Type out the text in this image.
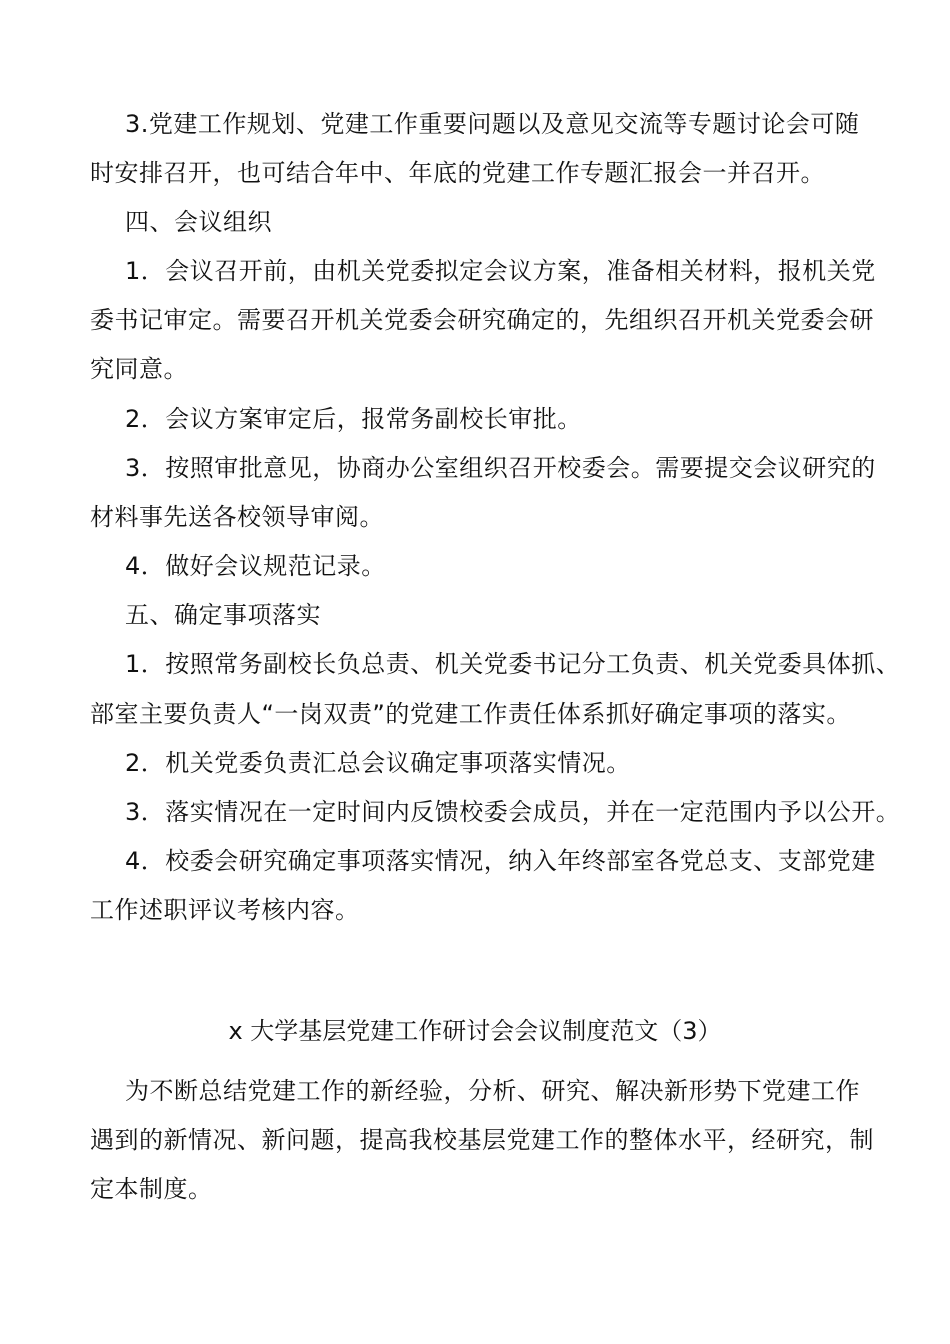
3.党建工作规划、党建工作重要问题以及意见交流等专题讨论会可随
时安排召开，也可结合年中、年底的党建工作专题汇报会一并召开。
四、会议组织
1．会议召开前，由机关党委拟定会议方案，准备相关材料，报机关党
委书记审定。需要召开机关党委会研究确定的，先组织召开机关党委会研
究同意。
2．会议方案审定后，报常务副校长审批。
3．按照审批意见，协商办公室组织召开校委会。需要提交会议研究的
材料事先送各校领导审阅。
4．做好会议规范记录。
五、确定事项落实
1．按照常务副校长负总责、机关党委书记分工负责、机关党委具体抓、
部室主要负责人“一岗双责”的党建工作责任体系抓好确定事项的落实。
2．机关党委负责汇总会议确定事项落实情况。
3．落实情况在一定时间内反馈校委会成员，并在一定范围内予以公开。
4．校委会研究确定事项落实情况，纳入年终部室各党总支、支部党建
工作述职评议考核内容。
x 大学基层党建工作研讨会会议制度范文（3）
为不断总结党建工作的新经验，分析、研究、解决新形势下党建工作
遇到的新情况、新问题，提高我校基层党建工作的整体水平，经研究，制
定本制度。
